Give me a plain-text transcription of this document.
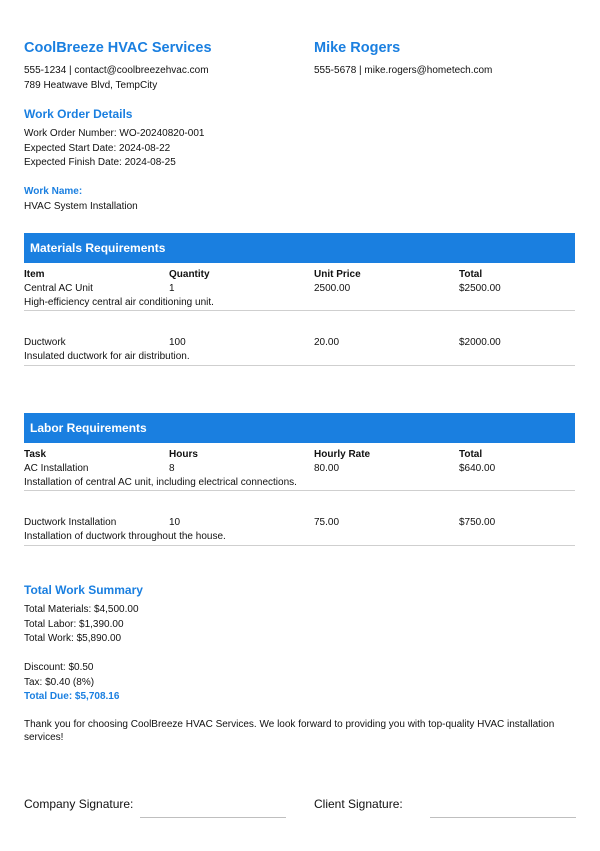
CoolBreeze HVAC Services
555-1234 | contact@coolbreezehvac.com
789 Heatwave Blvd, TempCity
Mike Rogers
555-5678 | mike.rogers@hometech.com
Work Order Details
Work Order Number: WO-20240820-001
Expected Start Date: 2024-08-22
Expected Finish Date: 2024-08-25
Work Name:
HVAC System Installation
Materials Requirements
Item	Quantity	Unit Price	Total
Central AC Unit	1	2500.00	$2500.00
High-efficiency central air conditioning unit.
Ductwork	100	20.00	$2000.00
Insulated ductwork for air distribution.
Labor Requirements
Task	Hours	Hourly Rate	Total
AC Installation	8	80.00	$640.00
Installation of central AC unit, including electrical connections.
Ductwork Installation	10	75.00	$750.00
Installation of ductwork throughout the house.
Total Work Summary
Total Materials: $4,500.00
Total Labor: $1,390.00
Total Work: $5,890.00
Discount: $0.50
Tax: $0.40 (8%)
Total Due: $5,708.16
Thank you for choosing CoolBreeze HVAC Services. We look forward to providing you with top-quality HVAC installation services!
Company Signature:	Client Signature:
